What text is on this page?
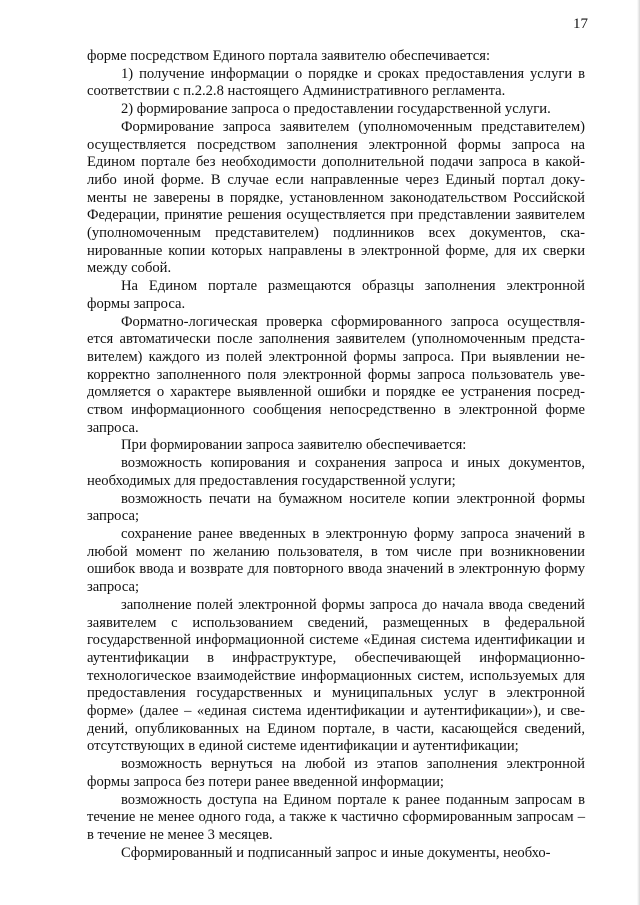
17

форме посредством Единого портала заявителю обеспечивается:

1) получение информации о порядке и сроках предоставления услуги в соответствии с п.2.2.8 настоящего Административного регламента.

2) формирование запроса о предоставлении государственной услуги.

Формирование запроса заявителем (уполномоченным представителем) осуществляется посредством заполнения электронной формы запроса на Едином портале без необходимости дополнительной подачи запроса в какой-либо иной форме. В случае если направленные через Единый портал документы не заверены в порядке, установленном законодательством Российской Федерации, принятие решения осуществляется при представлении заявителем (уполномоченным представителем) подлинников всех документов, сканированные копии которых направлены в электронной форме, для их сверки между собой.

На Едином портале размещаются образцы заполнения электронной формы запроса.

Форматно-логическая проверка сформированного запроса осуществляется автоматически после заполнения заявителем (уполномоченным представителем) каждого из полей электронной формы запроса. При выявлении некорректно заполненного поля электронной формы запроса пользователь уведомляется о характере выявленной ошибки и порядке ее устранения посредством информационного сообщения непосредственно в электронной форме запроса.

При формировании запроса заявителю обеспечивается:

возможность копирования и сохранения запроса и иных документов, необходимых для предоставления государственной услуги;

возможность печати на бумажном носителе копии электронной формы запроса;

сохранение ранее введенных в электронную форму запроса значений в любой момент по желанию пользователя, в том числе при возникновении ошибок ввода и возврате для повторного ввода значений в электронную форму запроса;

заполнение полей электронной формы запроса до начала ввода сведений заявителем с использованием сведений, размещенных в федеральной государственной информационной системе «Единая система идентификации и аутентификации в инфраструктуре, обеспечивающей информационно-технологическое взаимодействие информационных систем, используемых для предоставления государственных и муниципальных услуг в электронной форме» (далее – «единая система идентификации и аутентификации»), и сведений, опубликованных на Едином портале, в части, касающейся сведений, отсутствующих в единой системе идентификации и аутентификации;

возможность вернуться на любой из этапов заполнения электронной формы запроса без потери ранее введенной информации;

возможность доступа на Едином портале к ранее поданным запросам в течение не менее одного года, а также к частично сформированным запросам – в течение не менее 3 месяцев.

Сформированный и подписанный запрос и иные документы, необхо-
